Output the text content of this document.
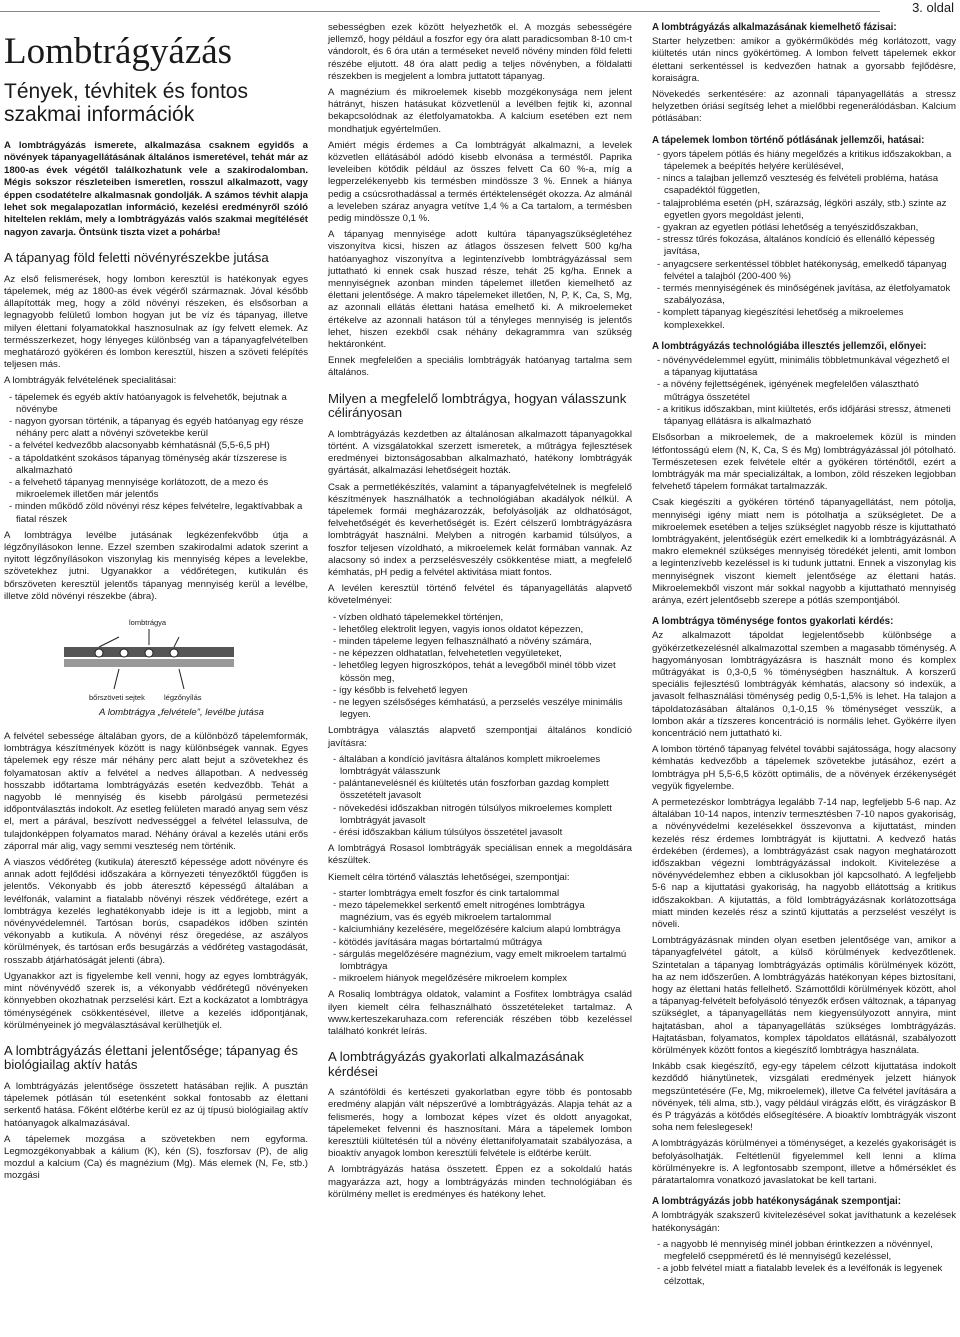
3. oldal
Lombtrágyázás
Tények, tévhitek és fontos szakmai információk

A lombtrágyázás ismerete, alkalmazása csaknem egyidős a növények tápanyagellátásának általános ismeretével, tehát már az 1800-as évek végétől találkozhatunk vele a szakirodalomban. Mégis sokszor részleteiben ismeretlen, rosszul alkalmazott, vagy éppen csodatételre alkalmasnak gondolják. A számos tévhit alapja lehet sok megalapozatlan információ, kezelési eredményről szóló hiteltelen reklám, mely a lombtrágyázás valós szakmai megítélését nagyon zavarja. Öntsünk tiszta vizet a pohárba!

A tápanyag föld feletti növényrészekbe jutása

Az első felismerések, hogy lombon keresztül is hatékonyak egyes tápelemek, még az 1800-as évek végéről származnak. Jóval később állapították meg, hogy a zöld növényi részeken, és elsősorban a legnagyobb felületű lombon hogyan jut be víz és tápanyag, illetve milyen élettani folyamatokkal hasznosulnak az így felvett elemek. Az termésszerkezet, hogy lényeges különbség van a tápanyagfelvételben meghatározó gyökéren és lombon keresztül, hiszen a szöveti felépítés teljesen más.

A lombtrágyák felvételének specialitásai:

- tápelemek és egyéb aktív hatóanyagok is felvehetők, bejutnak a növénybe
- nagyon gyorsan történik, a tápanyag és egyéb hatóanyag egy része néhány perc alatt a növényi szövetekbe kerül
- a felvétel kedvezőbb alacsonyabb kémhatásnál (5,5-6,5 pH)
- a tápoldatként szokásos tápanyag töménység akár tízszerese is alkalmazható
- a felvehető tápanyag mennyisége korlátozott, de a mezo és mikroelemek illetően már jelentős
- minden működő zöld növényi rész képes felvételre, legaktívabbak a fiatal részek

A lombtrágya levélbe jutásának legkézenfekvőbb útja a légzőnyílásokon lenne. Ezzel szemben szakirodalmi adatok szerint a nyitott légzőnyílásokon viszonylag kis mennyiség képes a levelekbe, szövetekhez jutni. Ugyanakkor a védőrétegen, kutikulán és bőrszöveten keresztül jelentős tápanyag mennyiség kerül a levélbe, illetve zöld növényi részekbe (ábra).

lombtrágya
bőrszöveti sejtek	légzőnyílás
A lombtrágya „felvétele”, levélbe jutása

A felvétel sebessége általában gyors, de a különböző tápelemformák, lombtrágya készítmények között is nagy különbségek vannak. Egyes tápelemek egy része már néhány perc alatt bejut a szövetekhez és folyamatosan aktív a felvétel a nedves állapotban. A nedvesség hosszabb időtartama lombtrágyázás esetén kedvezőbb. Tehát a nagyobb lé mennyiség és kisebb párolgású permetezési időpontválasztás indokolt. Az esetleg felületen maradó anyag sem vész el, mert a párával, beszívott nedvességgel a felvétel lelassulva, de tulajdonképpen folyamatos marad. Néhány órával a kezelés utáni erős záporral már alig, vagy semmi veszteség nem történik.

A viaszos védőréteg (kutikula) áteresztő képessége adott növényre és annak adott fejlődési időszakára a környezeti tényezőktől függően is jelentős. Vékonyabb és jobb áteresztő képességű általában a levélfonák, valamint a fiatalabb növényi részek védőrétege, ezért a lombtrágya kezelés leghatékonyabb ideje is itt a legjobb, mint a növényvédelemnél. Tartósan borús, csapadékos időben szintén vékonyabb a kutikula. A növényi rész öregedése, az aszályos körülmények, és tartósan erős besugárzás a védőréteg vastagodását, rosszabb átjárhatóságát jelenti (ábra).

Ugyanakkor azt is figyelembe kell venni, hogy az egyes lombtrágyák, mint növényvédő szerek is, a vékonyabb védőrétegű növényeken könnyebben okozhatnak perzselési kárt. Ezt a kockázatot a lombtrágya töménységének csökkentésével, illetve a kezelés időpontjának, körülményeinek jó megválasztásával kerülhetjük el.

A lombtrágyázás élettani jelentősége; tápanyag és biológiailag aktív hatás

A lombtrágyázás jelentősége összetett hatásában rejlik. A pusztán tápelemek pótlásán túl esetenként sokkal fontosabb az élettani serkentő hatása. Főként előtérbe kerül ez az új típusú biológiailag aktív hatóanyagok alkalmazásával.

A tápelemek mozgása a szövetekben nem egyforma. Legmozgékonyabbak a kálium (K), kén (S), foszforsav (P), de alig mozdul a kalcium (Ca) és magnézium (Mg). Más elemek (N, Fe, stb.) mozgási

sebességben ezek között helyezhetők el. A mozgás sebességére jellemző, hogy például a foszfor egy óra alatt paradicsomban 8-10 cm-t vándorolt, és 6 óra után a terméseket nevelő növény minden föld feletti részébe eljutott. 48 óra alatt pedig a teljes növényben, a földalatti részekben is megjelent a lombra juttatott tápanyag.

A magnézium és mikroelemek kisebb mozgékonysága nem jelent hátrányt, hiszen hatásukat közvetlenül a levélben fejtik ki, azonnal bekapcsolódnak az életfolyamatokba. A kalcium esetében ezt nem mondhatjuk egyértelműen.

Amiért mégis érdemes a Ca lombtrágyát alkalmazni, a levelek közvetlen ellátásából adódó kisebb elvonása a terméstől. Paprika leveleiben kötődik például az összes felvett Ca 60 %-a, míg a legperzelékenyebb kis termésben mindössze 3 %. Ennek a hiánya pedig a csúcsrothadással a termés értéktelenségét okozza. Az almánál a leveleben száraz anyagra vetítve 1,4 % a Ca tartalom, a termésben pedig mindössze 0,1 %.

A tápanyag mennyisége adott kultúra tápanyagszükségletéhez viszonyítva kicsi, hiszen az átlagos összesen felvett 500 kg/ha hatóanyaghoz viszonyítva a legintenzívebb lombtrágyázással sem juttatható ki ennek csak huszad része, tehát 25 kg/ha. Ennek a mennyiségnek azonban minden tápelemet illetően kiemelhető az élettani jelentősége. A makro tápelemeket illetően, N, P, K, Ca, S, Mg, az azonnali ellátás élettani hatása emelhető ki. A mikroelemeket értékelve az azonnali hatáson túl a tényleges mennyiség is jelentős lehet, hiszen ezekből csak néhány dekagrammra van szükség hektáronként.

Ennek megfelelően a speciális lombtrágyák hatóanyag tartalma sem általános.

Milyen a megfelelő lombtrágya, hogyan válasszunk célirányosan

A lombtrágyázás kezdetben az általánosan alkalmazott tápanyagokkal történt. A vizsgálatokkal szerzett ismeretek, a műtrágya fejlesztések eredményei biztonságosabban alkalmazható, hatékony lombtrágyák gyártását, alkalmazási lehetőségeit hozták.

Csak a permetlékészítés, valamint a tápanyagfelvételnek is megfelelő készítmények használhatók a technológiában akadályok nélkül. A tápelemek formái megházarozzák, befolyásolják az oldhatóságot, felvehetőségét és keverhetőségét is. Ezért célszerű lombtrágyázásra lombtrágyát használni. Melyben a nitrogén karbamid túlsúlyos, a foszfor teljesen vízoldható, a mikroelemek kelát formában vannak. Az alacsony só index a perzselésveszély csökkentése miatt, a megfelelő kémhatás, pH pedig a felvétel aktivitása miatt fontos.

A levélen keresztül történő felvétel és tápanyagellátás alapvető követelményei:

- vízben oldható tápelemekkel történjen,
- lehetőleg elektrolit legyen, vagyis ionos oldatot képezzen,
- minden tápeleme legyen felhasználható a növény számára,
- ne képezzen oldhatatlan, felvehetetlen vegyületeket,
- lehetőleg legyen higroszkópos, tehát a levegőből minél több vizet kössön meg,
- így később is felvehető legyen
- ne legyen szélsőséges kémhatású, a perzselés veszélye minimális legyen.

Lombtrágya választás alapvető szempontjai általános kondíció javításra:

- általában a kondíció javításra általános komplett mikroelemes lombtrágyát válasszunk
- palántanevelésnél és kiültetés után foszforban gazdag komplett összetételt javasolt
- növekedési időszakban nitrogén túlsúlyos mikroelemes komplett lombtrágyát javasolt
- érési időszakban kálium túlsúlyos összetétel javasolt

A lombtrágyá Rosasol lombtrágyák speciálisan ennek a megoldására készültek.

Kiemelt célra történő választás lehetőségei, szempontjai:

- starter lombtrágya emelt foszfor és cink tartalommal
- mezo tápelemekkel serkentő emelt nitrogénes lombtrágya magnézium, vas és egyéb mikroelem tartalommal
- kalciumhiány kezelésére, megelőzésére kalcium alapú lombtrágya
- kötödés javítására magas bórtartalmú műtrágya
- sárgulás megelőzésére magnézium, vagy emelt mikroelem tartalmú lombtrágya
- mikroelem hiányok megelőzésére mikroelem komplex

A Rosaliq lombtrágya oldatok, valamint a Fosfitex lombtrágya család ilyen kiemelt célra felhasználható összetételeket tartalmaz. A www.kerteszekaruhaza.com referenciák részében több kezeléssel található konkrét leírás.

A lombtrágyázás gyakorlati alkalmazásának kérdései

A szántóföldi és kertészeti gyakorlatban egyre több és pontosabb eredmény alapján vált népszerűvé a lombtrágyázás. Alapja tehát az a felismerés, hogy a lombozat képes vízet és oldott anyagokat, tápelemeket felvenni és hasznosítani. Mára a tápelemek lombon keresztüli kiültetésén túl a növény élettanifolyamatait szabályozása, a bioaktív anyagok lombon keresztüli felvétele is előtérbe került.

A lombtrágyázás hatása összetett. Éppen ez a sokoldalú hatás magyarázza azt, hogy a lombtrágyázás minden technológiában és körülmény mellet is eredményes és hatékony lehet.

A lombtrágyázás alkalmazásának kiemelhető fázisai:

Starter helyzetben: amikor a gyökérműködés még korlátozott, vagy kiültetés után nincs gyökértömeg. A lombon felvett tápelemek ekkor élettani serkentéssel is kedvezően hatnak a gyorsabb fejlődésre, koraiságra.

Növekedés serkentésére: az azonnali tápanyagellátás a stressz helyzetben óriási segítség lehet a mielőbbi regenerálódásban. Kalcium pótlásában:

A tápelemek lombon történő pótlásának jellemzői, hatásai:
- gyors tápelem pótlás és hiány megelőzés a kritikus időszakokban, a tápelemek a beépítés helyére kerülésével,
- nincs a talajban jellemző veszteség és felvételi probléma, hatása csapadéktól független,
- talajprobléma esetén (pH, szárazság, légköri aszály, stb.) szinte az egyetlen gyors megoldást jelenti,
- gyakran az egyetlen pótlási lehetőség a tenyészidőszakban,
- stressz tűrés fokozása, általános kondíció és ellenálló képesség javítása,
- anyagcsere serkentéssel többlet hatékonyság, emelkedő tápanyag felvétel a talajból (200-400 %)
- termés mennyiségének és minőségének javítása, az életfolyamatok szabályozása,
- komplett tápanyag kiegészítési lehetőség a mikroelemes komplexekkel.
A lombtrágyázás technológiába illesztés jellemzői, előnyei:
- növényvédelemmel együtt, minimális többletmunkával végezhető el a tápanyag kijuttatása
- a növény fejlettségének, igényének megfelelően választható műtrágya összetétel
- a kritikus időszakban, mint kiültetés, erős időjárási stressz, átmeneti tápanyag ellátásra is alkalmazható

Elsősorban a mikroelemek, de a makroelemek közül is minden létfontosságú elem (N, K, Ca, S és Mg) lombtrágyázással jól pótolható. Természetesen ezek felvétele eltér a gyökéren történőtől, ezért a lombtrágyák ma már specializáltak, a lombon, zöld részeken legjobban felvehető tápelem formákat tartalmazzák.

Csak kiegészíti a gyökéren történő tápanyagellátást, nem pótolja, mennyiségi igény miatt nem is pótolhatja a szükségletet. De a mikroelemek esetében a teljes szükséglet nagyobb része is kijuttatható lombtrágyaként, jelentőségük ezért emelkedik ki a lombtrágyázásnál. A makro elemeknél szükséges mennyiség töredékét jelenti, amit lombon a legintenzívebb kezeléssel is ki tudunk juttatni. Ennek a viszonylag kis mennyiségnek viszont kiemelt jelentősége az élettani hatás. Mikroelemekből viszont már sokkal nagyobb a kijuttatható mennyiség aránya, ezért jelentősebb szerepe a pótlás szempontjából.

A lombtrágya töménysége fontos gyakorlati kérdés:

Az alkalmazott tápoldat legjelentősebb különbsége a gyökérzetkezelésnél alkalmazottal szemben a magasabb töménység. A hagyományosan lombtrágyázásra is használt mono és komplex műtrágyákat is 0,3-0,5 % töménységben használtuk. A korszerű speciális fejlesztésű lombtrágyák kémhatás, alacsony só indexük, a javasolt felhasználási töménység pedig 0,5-1,5% is lehet. Ha talajon a tápoldatozásában általános 0,1-0,15 % töménységet vesszük, a lombon akár a tízszeres koncentráció is normális lehet. Gyökérre ilyen koncentráció nem juttatható ki.

A lombon történő tápanyag felvétel további sajátossága, hogy alacsony kémhatás kedvezőbb a tápelemek szövetekbe jutásához, ezért a lombtrágya pH 5,5-6,5 között optimális, de a növények érzékenységét vegyük figyelembe.

A permetezéskor lombtrágya legalább 7-14 nap, legfeljebb 5-6 nap. Az általában 10-14 napos, intenzív termesztésben 7-10 napos gyakoriság, a növényvédelmi kezelésekkel összevonva a kijuttatást, minden kezelés rész érdemes lombtrágyát is kijuttatni. A kedvező hatás érdekében (érdemes), a lombtrágyázást csak nagyon meghatározott időszakban végezni lombtrágyázással indokolt. Kivitelezése a növényvédelemhez ebben a ciklusokban jól kapcsolható. A legfeljebb 5-6 nap a kijuttatási gyakoriság, ha nagyobb ellátottság a kritikus időszakokban. A kijutattás, a föld lombtrágyázásnak korlátozottsága miatt minden kezelés rész a szintű kijuttatás a perzselést veszélyt is növeli.

Lombtrágyázásnak minden olyan esetben jelentősége van, amikor a tápanyagfelvétel gátolt, a külső körülmények kedvezőtlenek. Szintetalan a tápanyag lombtrágyázás optimális körülmények között, ha az nem időszerűen. A lombtrágyázás hatékonyan képes biztosítani, hogy az élettani hatás fellelhető. Számottőldi körülmények között, ahol a tápanyag-felvételt befolyásoló tényezők erősen változnak, a tápanyag szükséglet, a tápanyagellátás nem kiegyensúlyozott annyira, mint hajtatásban, ahol a tápanyagellátás szükséges lombtrágyázás. Hajtatásban, folyamatos, komplex tápoldatos ellátásnál, szabályozott körülmények között fontos a kiegészítő lombtrágya használata.

Inkább csak kiegészítő, egy-egy tápelem célzott kijuttatása indokolt kezdődő hiánytünetek, vizsgálati eredmények jelzett hiányok megszüntetésére (Fe, Mg, mikroelemek), illetve Ca felvétel javítására a növények, téli alma, stb.), vagy például virágzás előtt, és virágzáskor B és P trágyázás a kötődés elősegítésére. A bioaktív lombtrágyák viszont soha nem feleslegesek!

A lombtrágyázás körülményei a töménységet, a kezelés gyakoriságét is befolyásolhatják. Feltétlenül figyelemmel kell lenni a klíma körülményekre is. A legfontosabb szempont, illetve a hőmérséklet és páratartalomra vonatkozó javaslatokat be kell tartani.

A lombtrágyázás jobb hatékonyságának szempontjai:

A lombtrágyák szakszerű kivitelezésével sokat javíthatunk a kezelések hatékonyságán:

- a nagyobb lé mennyiség minél jobban érintkezzen a növénnyel, megfelelő cseppméretű és lé mennyiségű kezeléssel,
- a jobb felvétel miatt a fiatalabb levelek és a levélfonák is legyenek célzottak,
